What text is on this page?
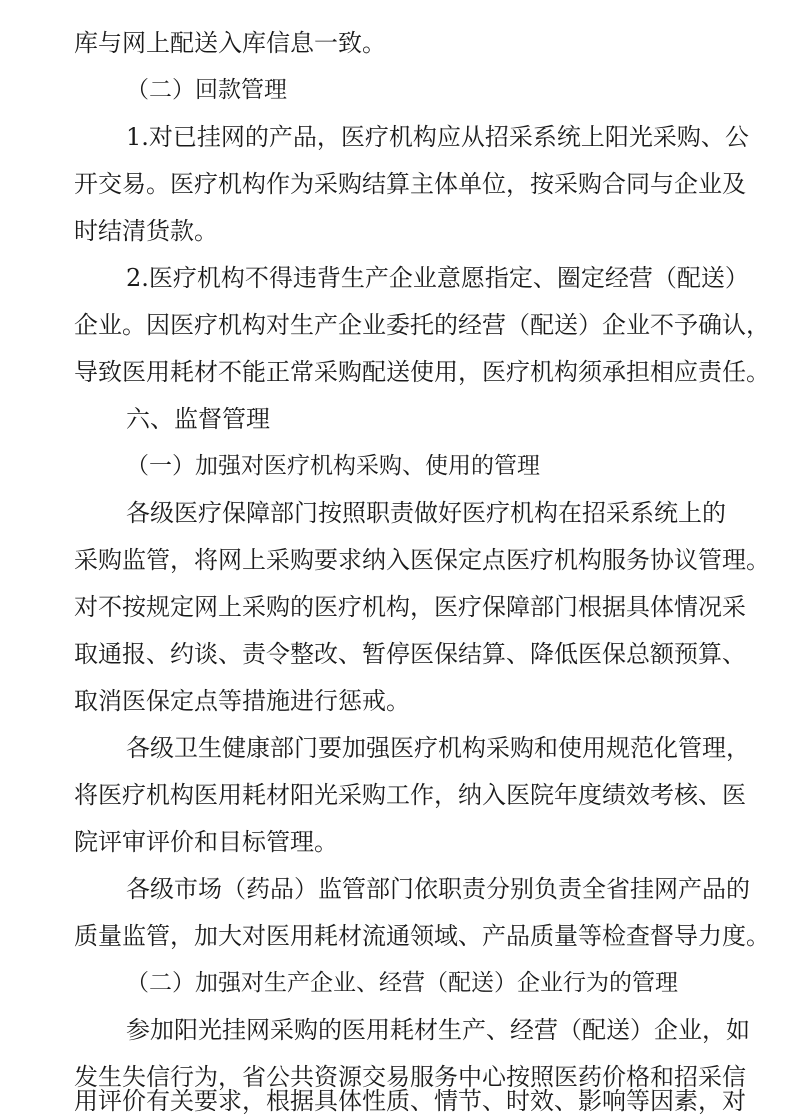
库与网上配送入库信息一致。
（二）回款管理
1.对已挂网的产品，医疗机构应从招采系统上阳光采购、公
开交易。医疗机构作为采购结算主体单位，按采购合同与企业及
时结清货款。
2.医疗机构不得违背生产企业意愿指定、圈定经营（配送）
企业。因医疗机构对生产企业委托的经营（配送）企业不予确认，
导致医用耗材不能正常采购配送使用，医疗机构须承担相应责任。
六、监督管理
（一）加强对医疗机构采购、使用的管理
各级医疗保障部门按照职责做好医疗机构在招采系统上的
采购监管，将网上采购要求纳入医保定点医疗机构服务协议管理。
对不按规定网上采购的医疗机构，医疗保障部门根据具体情况采
取通报、约谈、责令整改、暂停医保结算、降低医保总额预算、
取消医保定点等措施进行惩戒。
各级卫生健康部门要加强医疗机构采购和使用规范化管理，
将医疗机构医用耗材阳光采购工作，纳入医院年度绩效考核、医
院评审评价和目标管理。
各级市场（药品）监管部门依职责分别负责全省挂网产品的
质量监管，加大对医用耗材流通领域、产品质量等检查督导力度。
（二）加强对生产企业、经营（配送）企业行为的管理
参加阳光挂网采购的医用耗材生产、经营（配送）企业，如
发生失信行为，省公共资源交易服务中心按照医药价格和招采信
用评价有关要求，根据具体性质、情节、时效、影响等因素，对
